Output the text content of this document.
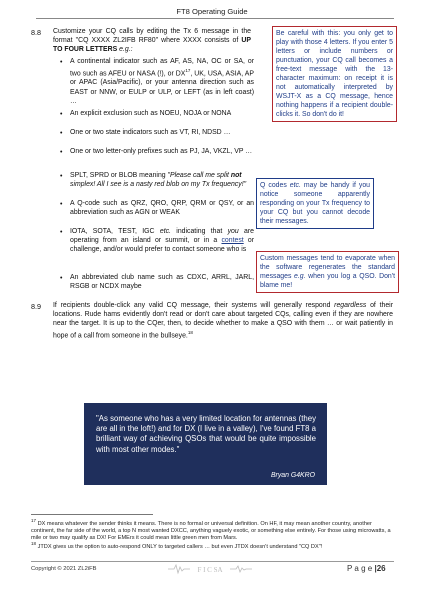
FT8 Operating Guide
8.8 Customize your CQ calls by editing the Tx 6 message in the format "CQ XXXX ZL2IFB RF80" where XXXX consists of UP TO FOUR LETTERS e.g.:
• A continental indicator such as AF, AS, NA, OC or SA, or two such as AFEU or NASA (!), or DX$^{17}$, UK, USA, ASIA, AP or APAC (Asia/Pacific), or your antenna direction such as EAST or NNW, or EULP or ULP, or LEFT (as in left coast) …
• An explicit exclusion such as NOEU, NOJA or NONA
• One or two state indicators such as VT, RI, NDSD …
• One or two letter-only prefixes such as PJ, JA, VKZL, VP …
• SPLT, SPRD or BLOB meaning "Please call me split not simplex! All I see is a nasty red blob on my Tx frequency!"
• A Q-code such as QRZ, QRO, QRP, QRM or QSY, or an abbreviation such as AGN or WEAK
• IOTA, SOTA, TEST, IGC etc. indicating that you are operating from an island or summit, or in a contest or challenge, and/or would prefer to contact someone who is
• An abbreviated club name such as CDXC, ARRL, JARL, RSGB or NCDX maybe
Be careful with this: you only get to play with those 4 letters. If you enter 5 letters or include numbers or punctuation, your CQ call becomes a free-text message with the 13-character maximum: on receipt it is not automatically interpreted by WSJT-X as a CQ message, hence nothing happens if a recipient double-clicks it. So don't do it!
Q codes etc. may be handy if you notice someone apparently responding on your Tx frequency to your CQ but you cannot decode their messages.
Custom messages tend to evaporate when the software regenerates the standard messages e.g. when you log a QSO. Don't blame me!
8.9 If recipients double-click any valid CQ message, their systems will generally respond regardless of their locations. Rude hams evidently don't read or don't care about targeted CQs, calling even if they are nowhere near the target. It is up to the CQer, then, to decide whether to make a QSO with them … or wait patiently in hope of a call from someone in the bullseye.$^{18}$
"As someone who has a very limited location for antennas (they are all in the loft!) and for DX (I live in a valley), I've found FT8 a brilliant way of achieving QSOs that would be quite impossible with most other modes."
Bryan G4KRO
$^{17}$ DX means whatever the sender thinks it means. There is no formal or universal definition. On HF, it may mean another country, another continent, the far side of the world, a top N most wanted DXCC, anything vaguely exotic, or something else entirely. For those using microwatts, a mile or two may qualify as DX! For EMErs it could mean little green men from Mars.
$^{18}$ JTDX gives us the option to auto-respond ONLY to targeted callers … but even JTDX doesn't understand "CQ DX"!
Copyright © 2021 ZL2iFB	F I C SA	P a g e |26
